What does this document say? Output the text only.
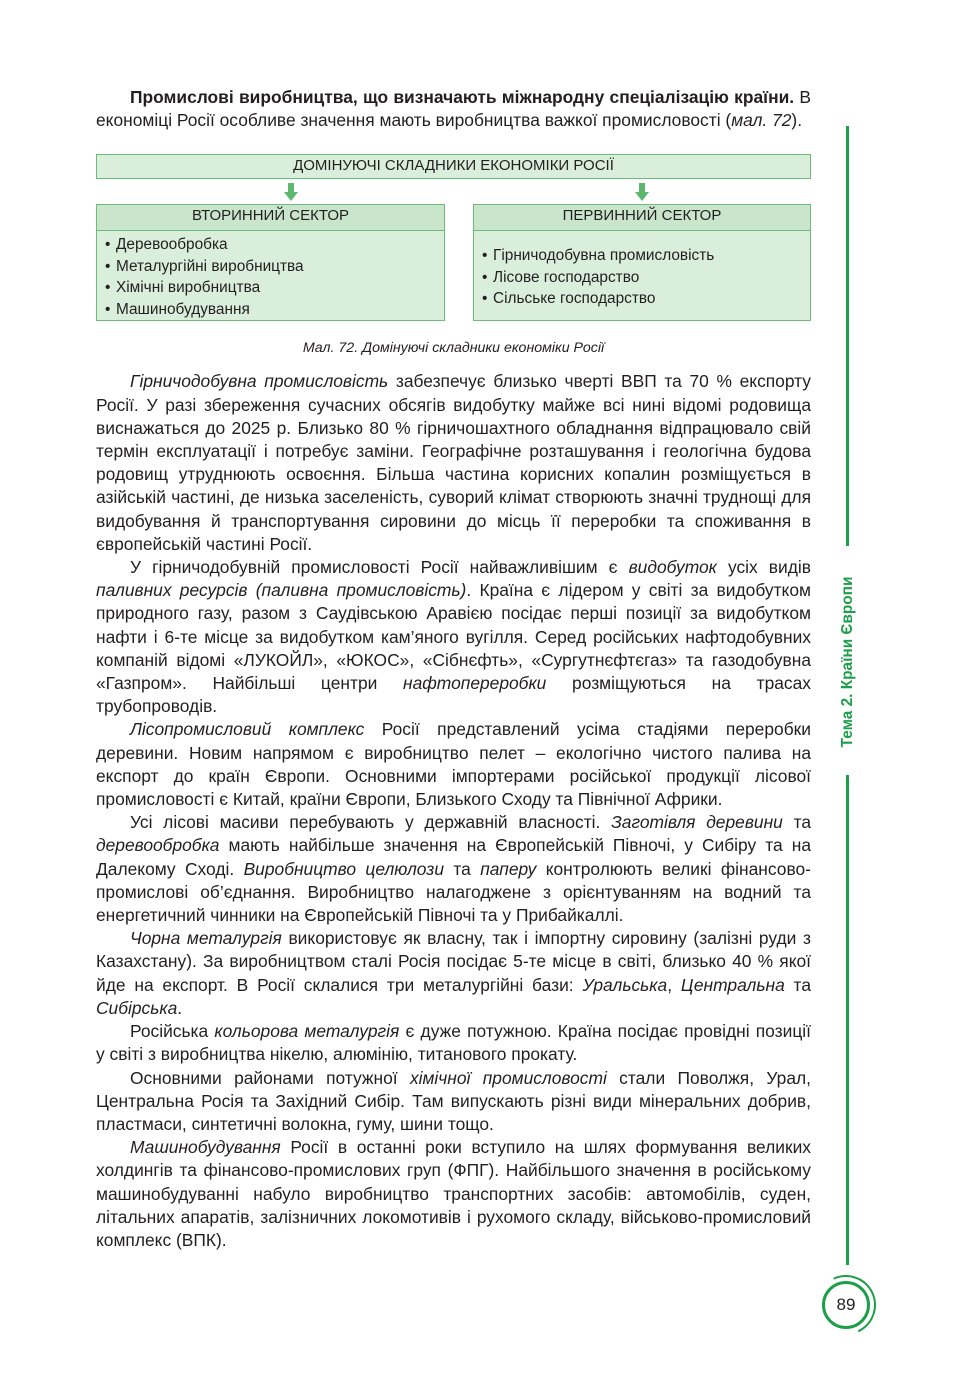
Промислові виробництва, що визначають міжнародну спеціалізацію країни. В економіці Росії особливе значення мають виробництва важкої промисловості (мал. 72).

ДОМІНУЮЧІ СКЛАДНИКИ ЕКОНОМІКИ РОСІЇ
ВТОРИННИЙ СЕКТОР
• Деревообробка
• Металургійні виробництва
• Хімічні виробництва
• Машинобудування
ПЕРВИННИЙ СЕКТОР
• Гірничодобувна промисловість
• Лісове господарство
• Сільське господарство
Мал. 72. Домінуючі складники економіки Росії

Гірничодобувна промисловість забезпечує близько чверті ВВП та 70 % експорту Росії. У разі збереження сучасних обсягів видобутку майже всі нині відомі родовища виснажаться до 2025 р. Близько 80 % гірничошахтного обладнання відпрацювало свій термін експлуатації і потребує заміни. Географічне розташування і геологічна будова родовищ утруднюють освоєння. Більша частина корисних копалин розміщується в азійській частині, де низька заселеність, суворий клімат створюють значні труднощі для видобування й транспортування сировини до місць її переробки та споживання в європейській частині Росії.

У гірничодобувній промисловості Росії найважливішим є видобуток усіх видів паливних ресурсів (паливна промисловість). Країна є лідером у світі за видобутком природного газу, разом з Саудівською Аравією посідає перші позиції за видобутком нафти і 6-те місце за видобутком кам’яного вугілля. Серед російських нафтодобувних компаній відомі «ЛУКОЙЛ», «ЮКОС», «Сібнєфть», «Сургутнєфтєгаз» та газодобувна «Газпром». Найбільші центри нафтопереробки розміщуються на трасах трубопроводів.

Лісопромисловий комплекс Росії представлений усіма стадіями переробки деревини. Новим напрямом є виробництво пелет – екологічно чистого палива на експорт до країн Європи. Основними імпортерами російської продукції лісової промисловості є Китай, країни Європи, Близького Сходу та Північної Африки.

Усі лісові масиви перебувають у державній власності. Заготівля деревини та деревообробка мають найбільше значення на Європейській Півночі, у Сибіру та на Далекому Сході. Виробництво целюлози та паперу контролюють великі фінансово-промислові об’єднання. Виробництво налагоджене з орієнтуванням на водний та енергетичний чинники на Європейській Півночі та у Прибайкаллі.

Чорна металургія використовує як власну, так і імпортну сировину (залізні руди з Казахстану). За виробництвом сталі Росія посідає 5-те місце в світі, близько 40 % якої йде на експорт. В Росії склалися три металургійні бази: Уральська, Центральна та Сибірська.

Російська кольорова металургія є дуже потужною. Країна посідає провідні позиції у світі з виробництва нікелю, алюмінію, титанового прокату.

Основними районами потужної хімічної промисловості стали Поволжя, Урал, Центральна Росія та Західний Сибір. Там випускають різні види мінеральних добрив, пластмаси, синтетичні волокна, гуму, шини тощо.

Машинобудування Росії в останні роки вступило на шлях формування великих холдингів та фінансово-промислових груп (ФПГ). Найбільшого значення в російському машинобудуванні набуло виробництво транспортних засобів: автомобілів, суден, літальних апаратів, залізничних локомотивів і рухомого складу, військово-промисловий комплекс (ВПК).

Тема 2. Країни Європи
89
